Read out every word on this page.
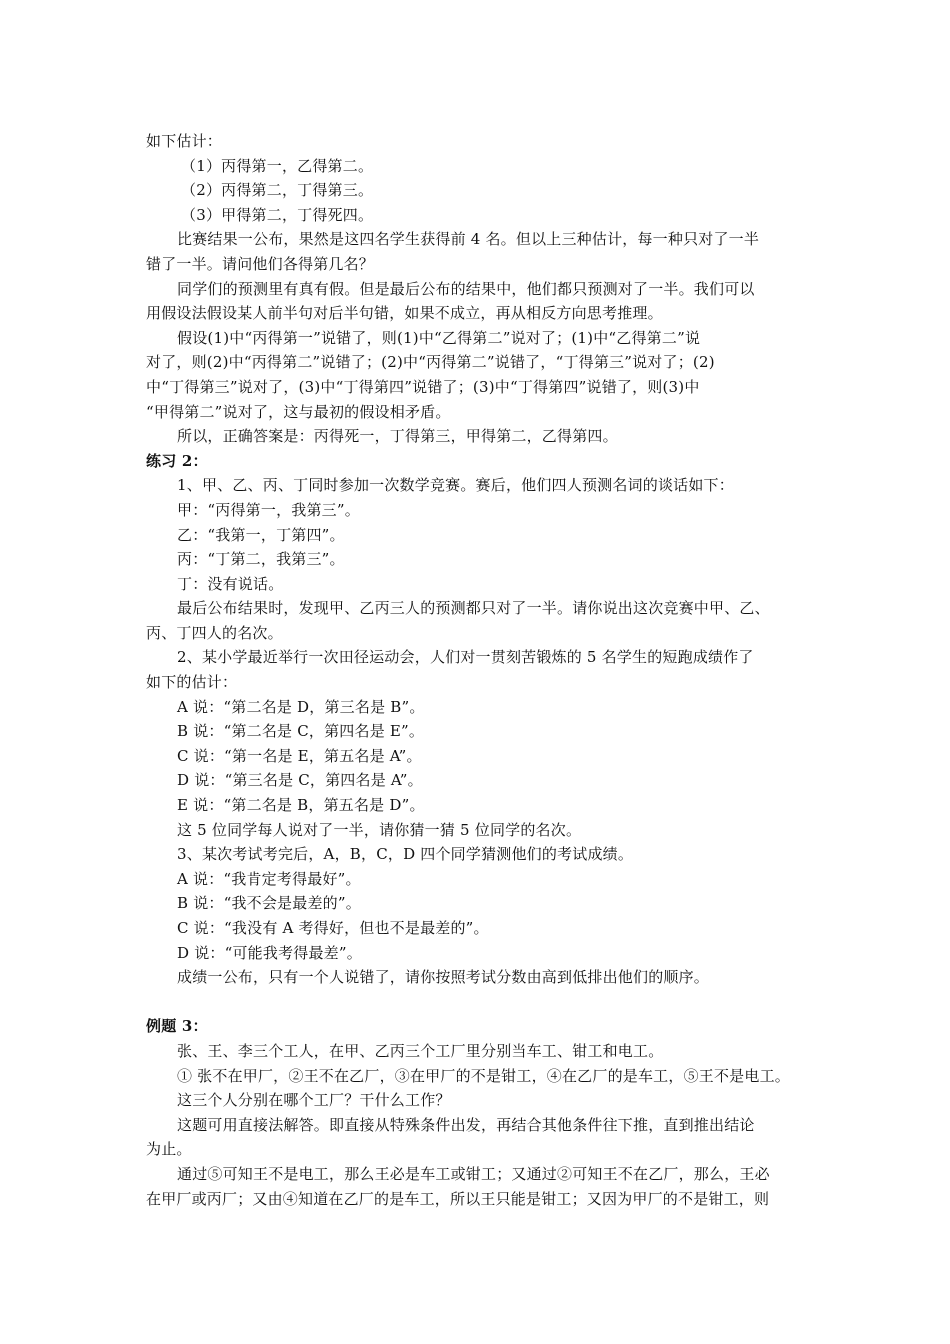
如下估计：
（1）丙得第一，乙得第二。
（2）丙得第二，丁得第三。
（3）甲得第二，丁得死四。
比赛结果一公布，果然是这四名学生获得前 4 名。但以上三种估计，每一种只对了一半
错了一半。请问他们各得第几名？
同学们的预测里有真有假。但是最后公布的结果中，他们都只预测对了一半。我们可以
用假设法假设某人前半句对后半句错，如果不成立，再从相反方向思考推理。
假设(1)中“丙得第一”说错了，则(1)中“乙得第二”说对了；(1)中“乙得第二”说
对了，则(2)中“丙得第二”说错了；(2)中“丙得第二”说错了，“丁得第三”说对了；(2)
中“丁得第三”说对了，(3)中“丁得第四”说错了；(3)中“丁得第四”说错了，则(3)中
“甲得第二”说对了，这与最初的假设相矛盾。
所以，正确答案是：丙得死一，丁得第三，甲得第二，乙得第四。
练习 2：
1、甲、乙、丙、丁同时参加一次数学竞赛。赛后，他们四人预测名词的谈话如下：
甲：“丙得第一，我第三”。
乙：“我第一，丁第四”。
丙：“丁第二，我第三”。
丁：没有说话。
最后公布结果时，发现甲、乙丙三人的预测都只对了一半。请你说出这次竞赛中甲、乙、
丙、丁四人的名次。
2、某小学最近举行一次田径运动会，人们对一贯刻苦锻炼的 5 名学生的短跑成绩作了
如下的估计：
A 说：“第二名是 D，第三名是 B”。
B 说：“第二名是 C，第四名是 E”。
C 说：“第一名是 E，第五名是 A”。
D 说：“第三名是 C，第四名是 A”。
E 说：“第二名是 B，第五名是 D”。
这 5 位同学每人说对了一半，请你猜一猜 5 位同学的名次。
3、某次考试考完后，A，B，C，D 四个同学猜测他们的考试成绩。
A 说：“我肯定考得最好”。
B 说：“我不会是最差的”。
C 说：“我没有 A 考得好，但也不是最差的”。
D 说：“可能我考得最差”。
成绩一公布，只有一个人说错了，请你按照考试分数由高到低排出他们的顺序。
例题 3：
张、王、李三个工人，在甲、乙丙三个工厂里分别当车工、钳工和电工。
① 张不在甲厂，②王不在乙厂，③在甲厂的不是钳工，④在乙厂的是车工，⑤王不是电工。
这三个人分别在哪个工厂？干什么工作？
这题可用直接法解答。即直接从特殊条件出发，再结合其他条件往下推，直到推出结论
为止。
通过⑤可知王不是电工，那么王必是车工或钳工；又通过②可知王不在乙厂，那么，王必
在甲厂或丙厂；又由④知道在乙厂的是车工，所以王只能是钳工；又因为甲厂的不是钳工，则
